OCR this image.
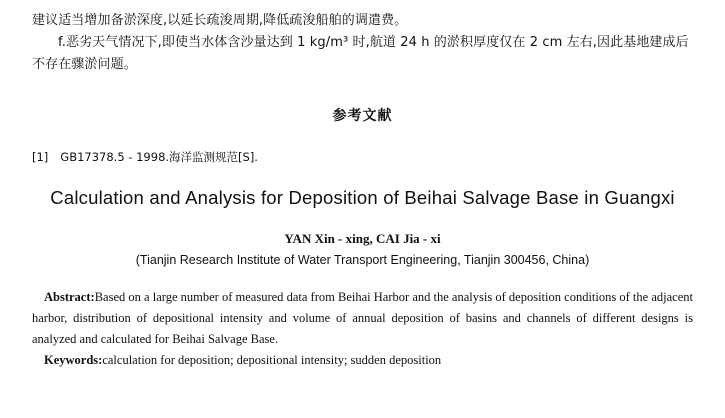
建议适当增加备淤深度,以延长疏浚周期,降低疏浚船舶的调遣费。

f.恶劣天气情况下,即使当水体含沙量达到 1 kg/m³ 时,航道 24 h 的淤积厚度仅在 2 cm 左右,因此基地建成后不存在骤淤问题。

参考文献
[1] GB17378.5 - 1998.海洋监测规范[S].
Calculation and Analysis for Deposition of Beihai Salvage Base in Guangxi
YAN Xin - xing, CAI Jia - xi
(Tianjin Research Institute of Water Transport Engineering, Tianjin 300456, China)
Abstract:Based on a large number of measured data from Beihai Harbor and the analysis of deposition conditions of the adjacent harbor, distribution of depositional intensity and volume of annual deposition of basins and channels of different designs is analyzed and calculated for Beihai Salvage Base.
Keywords:calculation for deposition; depositional intensity; sudden deposition
